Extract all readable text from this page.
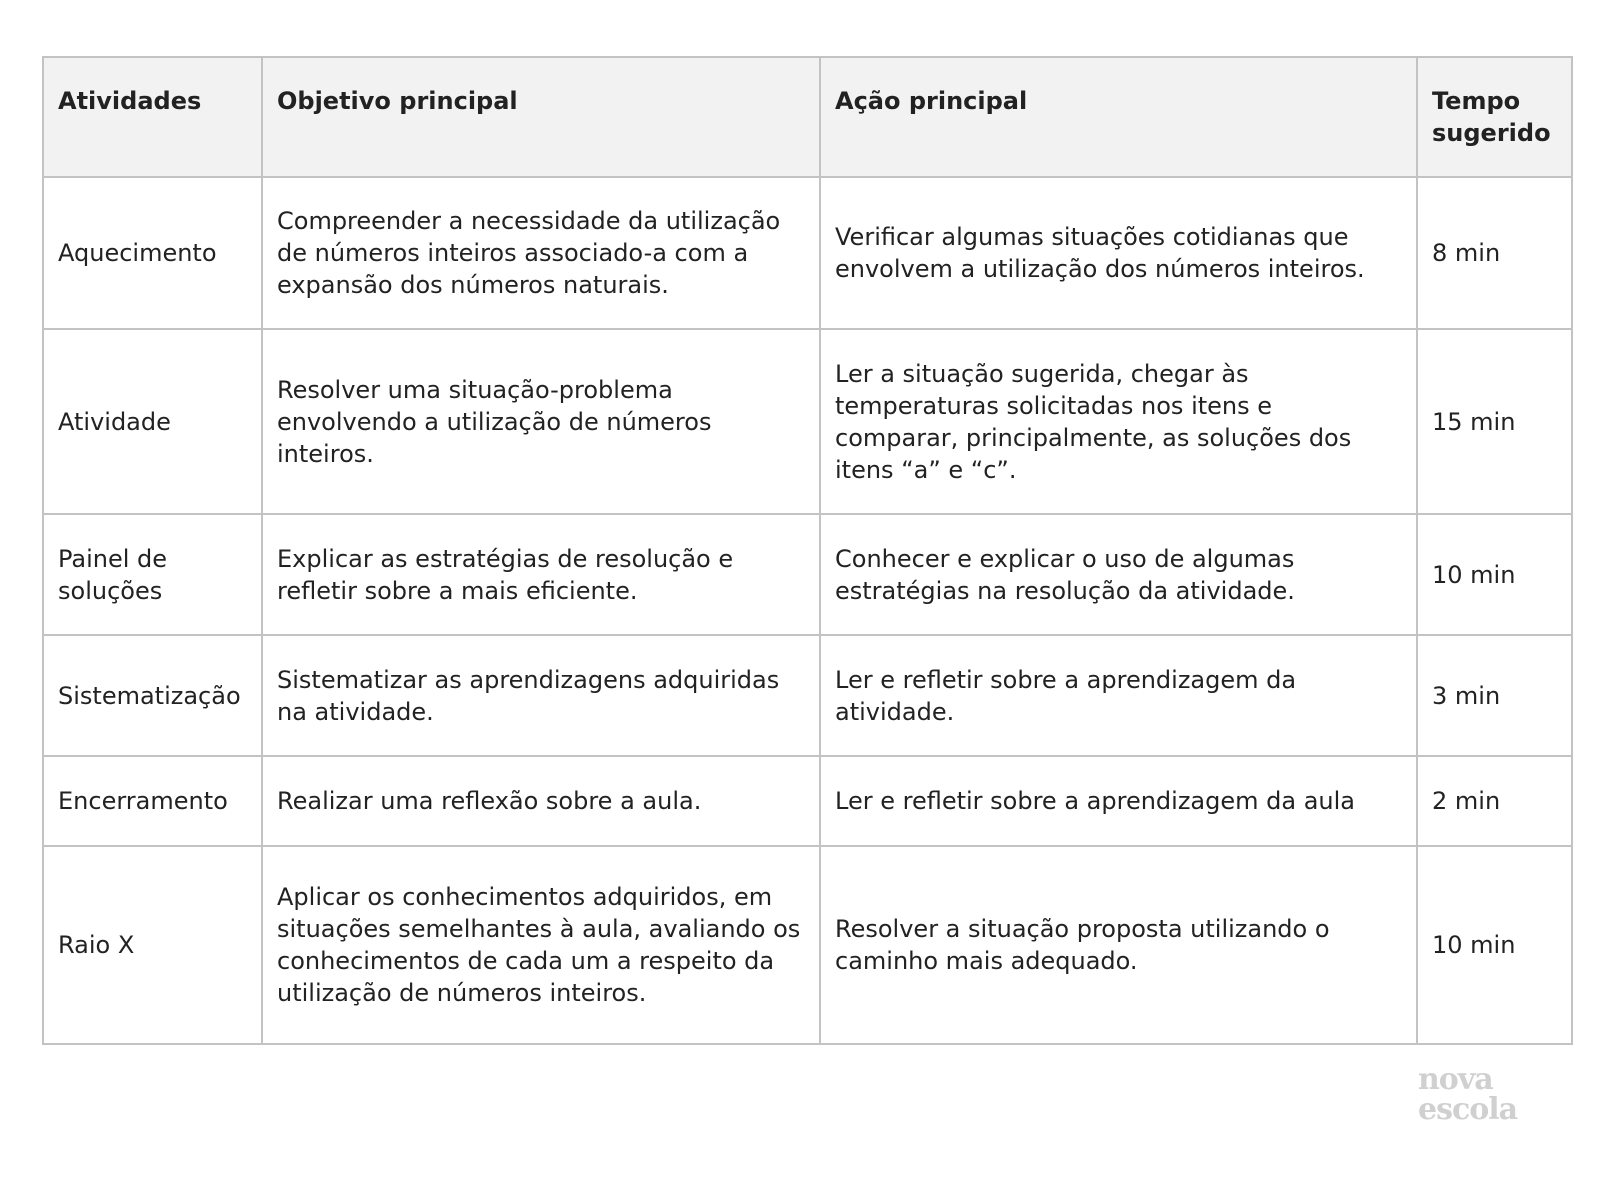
Atividades	Objetivo principal	Ação principal	Tempo sugerido
Aquecimento	Compreender a necessidade da utilização de números inteiros associado-a com a expansão dos números naturais.	Verificar algumas situações cotidianas que envolvem a utilização dos números inteiros.	8 min
Atividade	Resolver uma situação-problema envolvendo a utilização de números inteiros.	Ler a situação sugerida, chegar às temperaturas solicitadas nos itens e comparar, principalmente, as soluções dos itens “a” e “c”.	15 min
Painel de soluções	Explicar as estratégias de resolução e refletir sobre a mais eficiente.	Conhecer e explicar o uso de algumas estratégias na resolução da atividade.	10 min
Sistematização	Sistematizar as aprendizagens adquiridas na atividade.	Ler e refletir sobre a aprendizagem da atividade.	3 min
Encerramento	Realizar uma reflexão sobre a aula.	Ler e refletir sobre a aprendizagem da aula	2 min
Raio X	Aplicar os conhecimentos adquiridos, em situações semelhantes à aula, avaliando os conhecimentos de cada um a respeito da utilização de números inteiros.	Resolver a situação proposta utilizando o caminho mais adequado.	10 min
nova
escola
